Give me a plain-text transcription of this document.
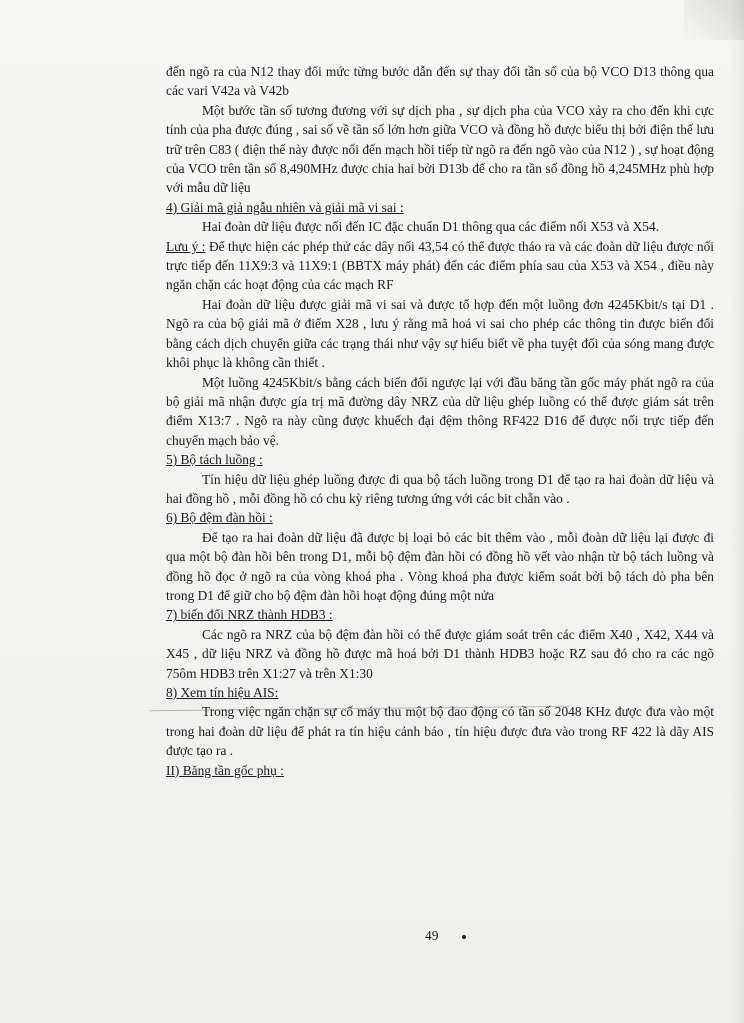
đến ngõ ra của N12 thay đổi mức từng bước dẫn đến sự thay đổi tần số của bộ VCO D13 thông qua các vari V42a và V42b

Một bước tần số tương đương với sự dịch pha , sự dịch pha của VCO xảy ra cho đến khi cực tính của pha được đúng , sai số về tần số lớn hơn giữa VCO và đồng hồ được biểu thị bởi điện thế lưu trữ trên C83 ( điện thế này được nối đến mạch hồi tiếp từ ngõ ra đến ngõ vào của N12 ) , sự hoạt động của VCO trên tần số 8,490MHz được chia hai bởi D13b để cho ra tần số đồng hồ 4,245MHz phù hợp với mẫu dữ liệu

4) Giải mã giả ngẫu nhiên và giải mã vi sai :

Hai đoàn dữ liệu được nối đến IC đặc chuẩn D1 thông qua các điểm nối X53 và X54.

Lưu ý : Để thực hiện các phép thử các dây nối 43,54 có thể được tháo ra và các đoàn dữ liệu được nối trực tiếp đến 11X9:3 và 11X9:1 (BBTX máy phát) đến các điểm phía sau của X53 và X54 , điều này ngăn chặn các hoạt động của các mạch RF

Hai đoàn dữ liệu được giải mã vi sai và được tổ hợp đến một luồng đơn 4245Kbit/s tại D1 . Ngõ ra của bộ giải mã ở điểm X28 , lưu ý rằng mã hoá vi sai cho phép các thông tin được biến đổi bằng cách dịch chuyển giữa các trạng thái như vậy sự hiểu biết về pha tuyệt đối của sóng mang được khôi phục là không cần thiết .

Một luồng 4245Kbit/s bằng cách biến đổi ngược lại với đầu băng tần gốc máy phát ngõ ra của bộ giải mã nhận được gía trị mã đường dây NRZ của dữ liệu ghép luồng có thể được giám sát trên điểm X13:7 . Ngõ ra này cũng được khuếch đại đệm thông RF422 D16 để được nối trực tiếp đến chuyển mạch bảo vệ.

5) Bộ tách luồng :

Tín hiệu dữ liệu ghép luồng được đi qua bộ tách luồng trong D1 để tạo ra hai đoàn dữ liệu và hai đồng hồ , mỗi đồng hồ có chu kỳ riêng tương ứng với các bit chẵn vào .

6) Bộ đệm đàn hồi :

Để tạo ra hai đoàn dữ liệu đã được bị loại bỏ các bit thêm vào , mỗi đoàn dữ liệu lại được đi qua một bộ đàn hồi bên trong D1, mỗi bộ đệm đàn hồi có đồng hồ vết vào nhận từ bộ tách luồng và đồng hồ đọc ở ngõ ra của vòng khoá pha . Vòng khoá pha được kiểm soát bởi bộ tách dò pha bên trong D1 để giữ cho bộ đệm đàn hồi hoạt động đúng một nửa

7) biến đổi NRZ thành HDB3 :

Các ngõ ra NRZ của bộ đệm đàn hồi có thể được giám soát trên các điểm X40 , X42, X44 và X45 , dữ liệu NRZ và đồng hồ được mã hoá bởi D1 thành HDB3 hoặc RZ sau đó cho ra các ngõ 75ôm HDB3 trên X1:27 và trên X1:30

8) Xem tín hiệu AIS:

Trong việc ngăn chặn sự cố máy thu một bộ dao động có tần số 2048 KHz được đưa vào một trong hai đoàn dữ liệu để phát ra tín hiệu cảnh báo , tín hiệu được đưa vào trong RF 422 là dãy AIS được tạo ra .

II) Băng tần gốc phụ :

49
